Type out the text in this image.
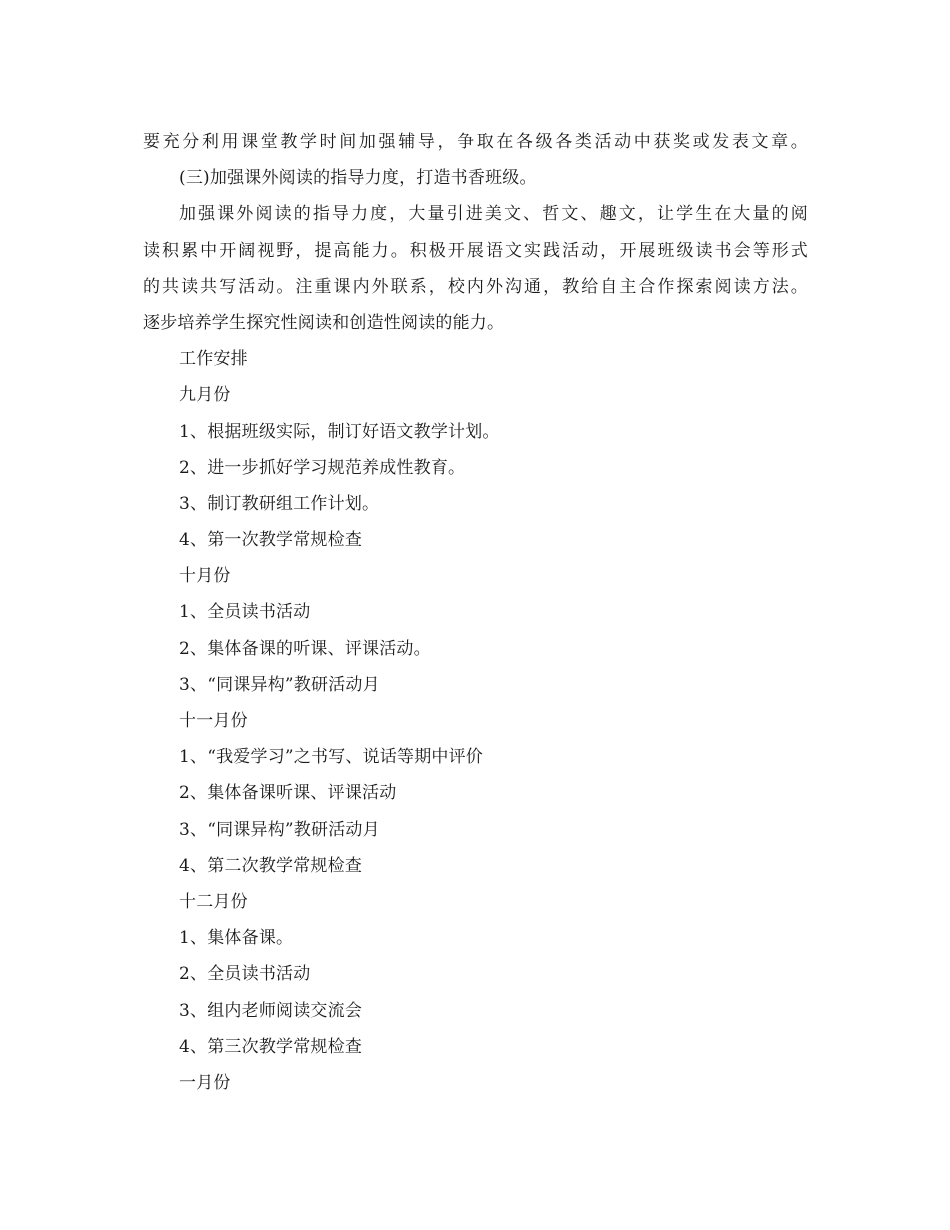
要充分利用课堂教学时间加强辅导，争取在各级各类活动中获奖或发表文章。
(三)加强课外阅读的指导力度，打造书香班级。
加强课外阅读的指导力度，大量引进美文、哲文、趣文，让学生在大量的阅
读积累中开阔视野，提高能力。积极开展语文实践活动，开展班级读书会等形式
的共读共写活动。注重课内外联系，校内外沟通，教给自主合作探索阅读方法。
逐步培养学生探究性阅读和创造性阅读的能力。
工作安排
九月份
1、根据班级实际，制订好语文教学计划。
2、进一步抓好学习规范养成性教育。
3、制订教研组工作计划。
4、第一次教学常规检查
十月份
1、全员读书活动
2、集体备课的听课、评课活动。
3、“同课异构”教研活动月
十一月份
1、“我爱学习”之书写、说话等期中评价
2、集体备课听课、评课活动
3、“同课异构”教研活动月
4、第二次教学常规检查
十二月份
1、集体备课。
2、全员读书活动
3、组内老师阅读交流会
4、第三次教学常规检查
一月份
